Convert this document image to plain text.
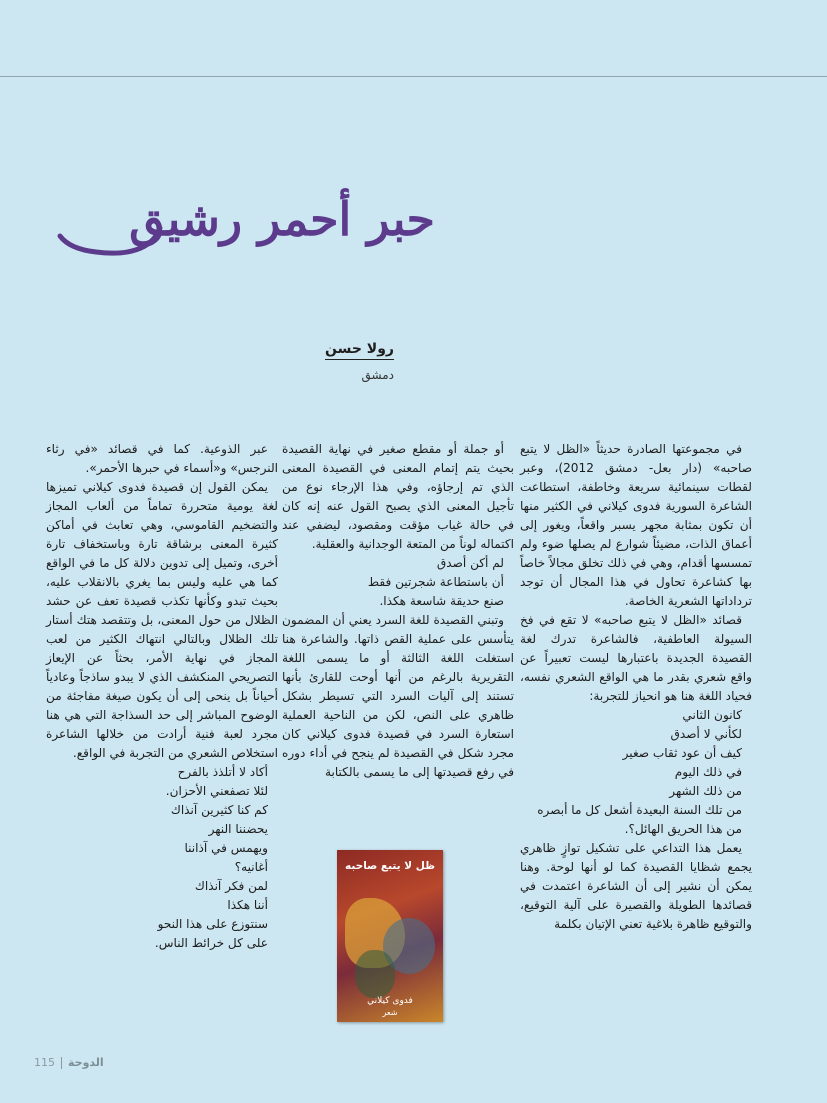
حبر أحمر رشيق
رولا حسن
دمشق

في مجموعتها الصادرة حديثاً «الظل لا يتبع صاحبه» (دار بعل- دمشق 2012)، وعبر لقطات سينمائية سريعة وخاطفة، استطاعت الشاعرة السورية فدوى كيلاني في الكثير منها أن تكون بمثابة مجهر يسبر واقعاً، ويغور إلى أعماق الذات، مضيئاً شوارع لم يصلها ضوء ولم تمسسها أقدام، وهي في ذلك تخلق مجالاً خاصاً بها كشاعرة تحاول في هذا المجال أن توجد ترداداتها الشعرية الخاصة.

قصائد «الظل لا يتبع صاحبه» لا تقع في فخ السيولة العاطفية، فالشاعرة تدرك لغة القصيدة الجديدة باعتبارها ليست تعبيراً عن واقع شعري بقدر ما هي الواقع الشعري نفسه، فحياد اللغة هنا هو انحياز للتجربة:

كانون الثاني

لكأني لا أصدق

كيف أن عود ثقاب صغير

في ذلك اليوم

من ذلك الشهر

من تلك السنة البعيدة أشعل كل ما أبصره

من هذا الحريق الهائل؟.

يعمل هذا التداعي على تشكيل توازٍ ظاهري يجمع شظايا القصيدة كما لو أنها لوحة. وهنا يمكن أن نشير إلى أن الشاعرة اعتمدت في قصائدها الطويلة والقصيرة على آلية التوقيع، والتوقيع ظاهرة بلاغية تعني الإتيان بكلمة

أو جملة أو مقطع صغير في نهاية القصيدة بحيث يتم إتمام المعنى في القصيدة المعنى الذي تم إرجاؤه، وفي هذا الإرجاء نوع من تأجيل المعنى الذي يصبح القول عنه إنه كان في حالة غياب مؤقت ومقصود، ليضفي عند اكتماله لوناً من المتعة الوجدانية والعقلية.

لم أكن أصدق

أن باستطاعة شجرتين فقط

صنع حديقة شاسعة هكذا.

وتبني القصيدة للغة السرد يعني أن المضمون يتأسس على عملية القص ذاتها. والشاعرة هنا استغلت اللغة الثالثة أو ما يسمى اللغة التقريرية بالرغم من أنها أوحت للقارئ بأنها تستند إلى آليات السرد التي تسيطر بشكل ظاهري على النص، لكن من الناحية العملية استعارة السرد في قصيدة فدوى كيلاني كان مجرد شكل في القصيدة لم ينجح في أداء دوره في رفع قصيدتها إلى ما يسمى بالكتابة

عبر الذوعية. كما في قصائد «في رثاء النرجس» و«أسماء في حبرها الأحمر».

يمكن القول إن قصيدة فدوى كيلاني تميزها لغة يومية متحررة تماماً من ألعاب المجاز والتضخيم القاموسي، وهي تعابث في أماكن كثيرة المعنى برشاقة تارة وباستخفاف تارة أخرى، وتميل إلى تدوين دلالة كل ما في الواقع كما هي عليه وليس بما يغري بالانقلاب عليه، بحيث تبدو وكأنها تكذب قصيدة تعف عن حشد الظلال من حول المعنى، بل وتتقصد هتك أستار تلك الظلال وبالتالي انتهاك الكثير من لعب المجاز في نهاية الأمر، بحثاً عن الإيعاز التصريحي المنكشف الذي لا يبدو ساذجاً وعادياً أحياناً بل ينحى إلى أن يكون صيغة مفاجئة من الوضوح المباشر إلى حد السذاجة التي هي هنا مجرد لعبة فنية أرادت من خلالها الشاعرة استخلاص الشعري من التجربة في الواقع.

أكاد لا أتلذذ بالفرح

لئلا تصفعني الأحزان.

كم كنا كثيرين آنذاك

يحضننا النهر

ويهمس في آذاننا

أغانيه؟

لمن فكر آنذاك

أننا هكذا

سنتوزع على هذا النحو

على كل خرائط الناس.

ظل لا يتبع صاحبه
فدوى كيلاني
شعر
115 الدوحة
